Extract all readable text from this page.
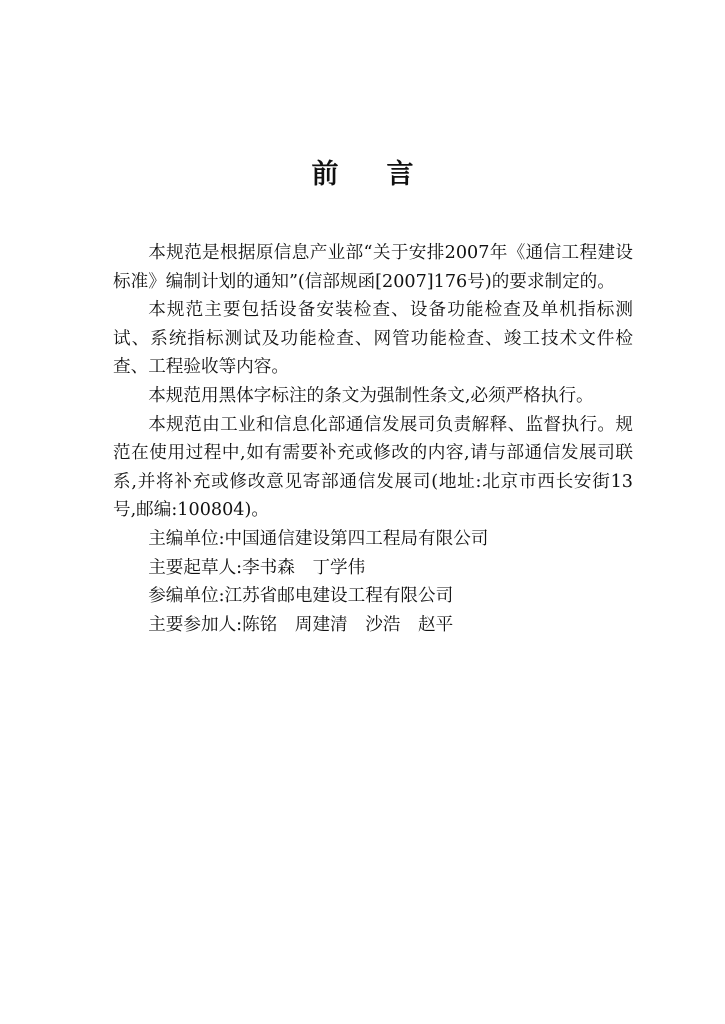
前言

本规范是根据原信息产业部“关于安排2007年《通信工程建设标准》编制计划的通知”(信部规函[2007]176号)的要求制定的。

本规范主要包括设备安装检查、设备功能检查及单机指标测试、系统指标测试及功能检查、网管功能检查、竣工技术文件检查、工程验收等内容。

本规范用黑体字标注的条文为强制性条文,必须严格执行。

本规范由工业和信息化部通信发展司负责解释、监督执行。规范在使用过程中,如有需要补充或修改的内容,请与部通信发展司联系,并将补充或修改意见寄部通信发展司(地址:北京市西长安街13号,邮编:100804)。

主编单位:中国通信建设第四工程局有限公司

主要起草人:李书森　丁学伟

参编单位:江苏省邮电建设工程有限公司

主要参加人:陈铭　周建清　沙浩　赵平
